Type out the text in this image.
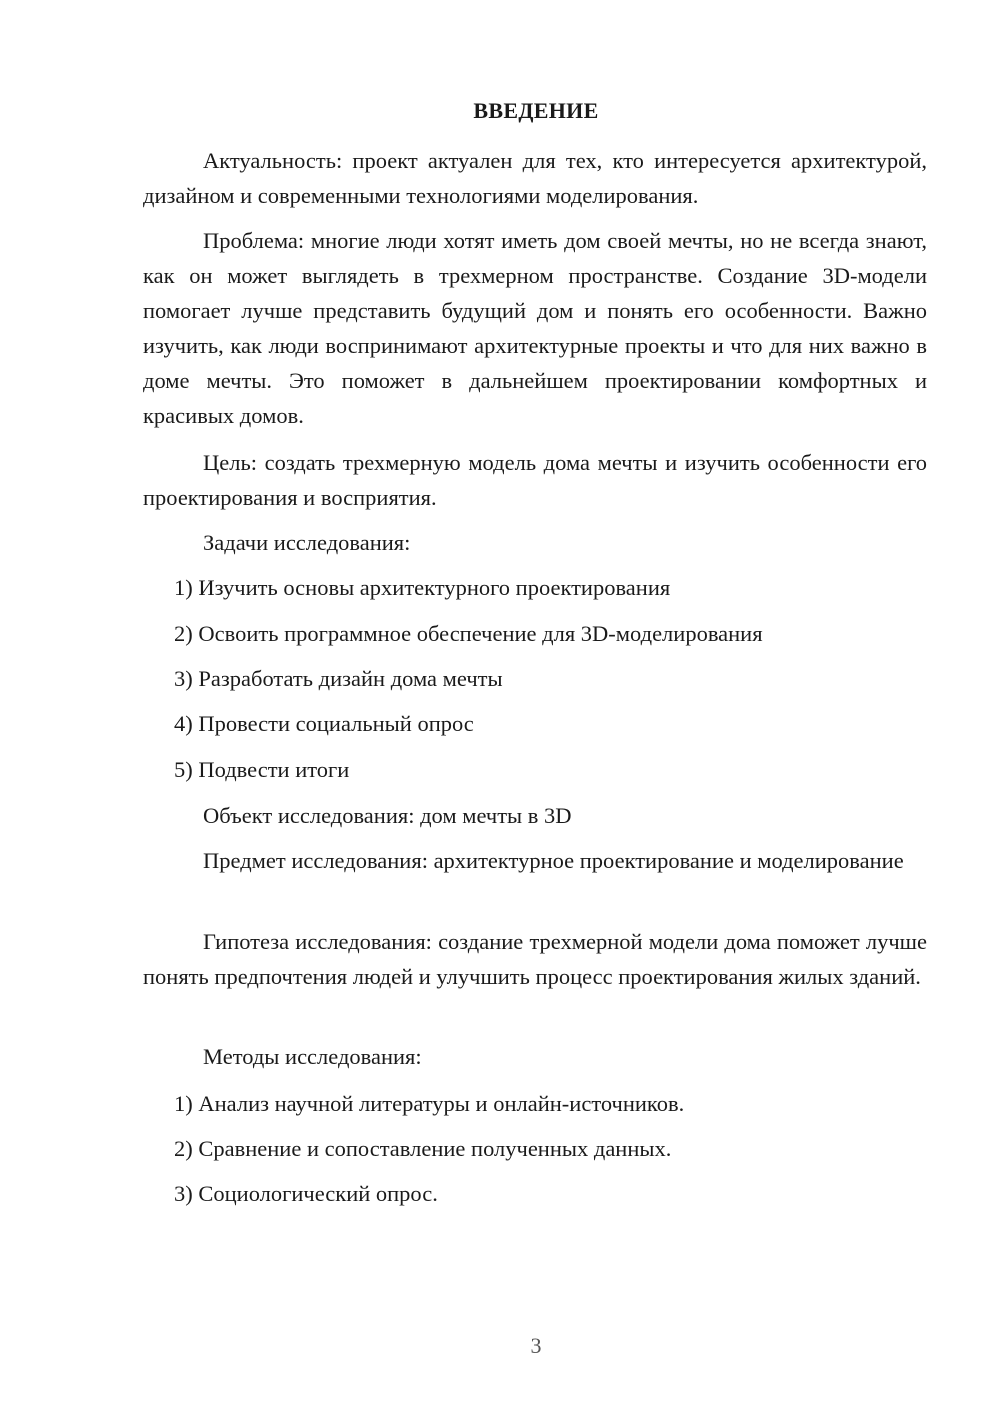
ВВЕДЕНИЕ

Актуальность: проект актуален для тех, кто интересуется архитектурой, дизайном и современными технологиями моделирования.

Проблема: многие люди хотят иметь дом своей мечты, но не всегда знают, как он может выглядеть в трехмерном пространстве. Создание 3D-модели помогает лучше представить будущий дом и понять его особенности. Важно изучить, как люди воспринимают архитектурные проекты и что для них важно в доме мечты. Это поможет в дальнейшем проектировании комфортных и красивых домов.

Цель: создать трехмерную модель дома мечты и изучить особенности его проектирования и восприятия.

Задачи исследования:
1) Изучить основы архитектурного проектирования
2) Освоить программное обеспечение для 3D-моделирования
3) Разработать дизайн дома мечты
4) Провести социальный опрос
5) Подвести итоги
Объект исследования: дом мечты в 3D

Предмет исследования: архитектурное проектирование и моделирование

Гипотеза исследования: создание трехмерной модели дома поможет лучше понять предпочтения людей и улучшить процесс проектирования жилых зданий.

Методы исследования:
1) Анализ научной литературы и онлайн-источников.
2) Сравнение и сопоставление полученных данных.
3) Социологический опрос.
3
